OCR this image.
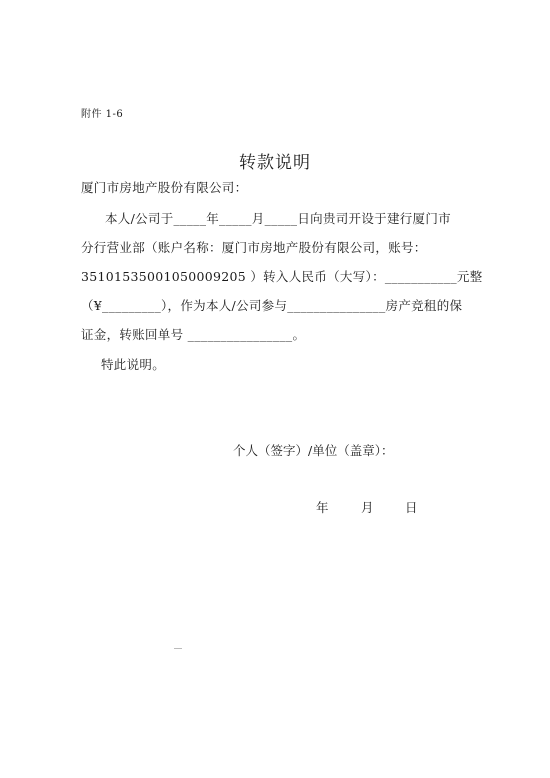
附件 1-6
转款说明
厦门市房地产股份有限公司：
本人/公司于_____年_____月_____日向贵司开设于建行厦门市
分行营业部（账户名称：厦门市房地产股份有限公司，账号：
35101535001050009205 ）转入人民币（大写）：___________元整
（¥_________），作为本人/公司参与_______________房产竞租的保
证金，转账回单号 ________________。
特此说明。
个人（签字）/单位（盖章）：
年	月	日
